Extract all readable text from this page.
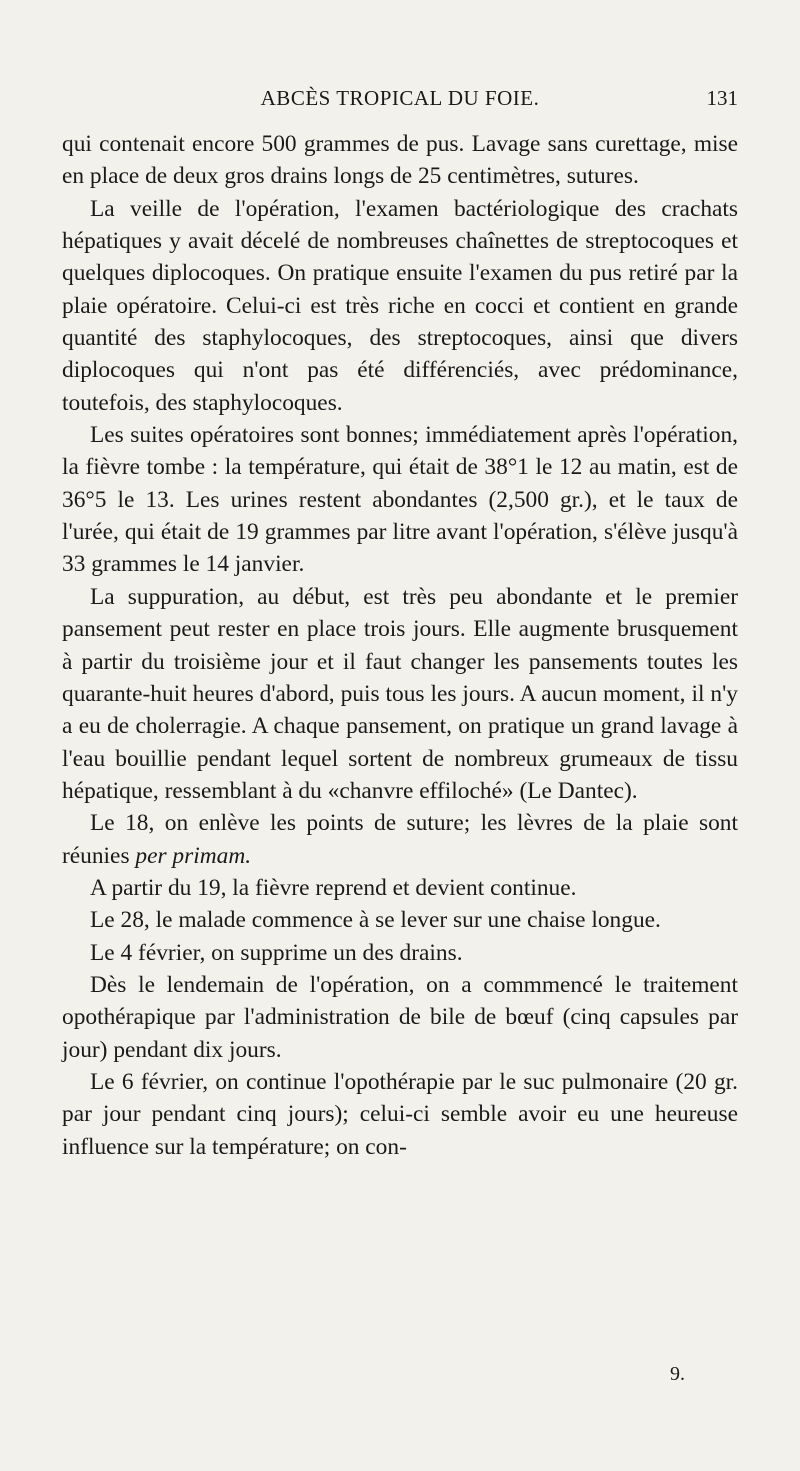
ABCÈS TROPICAL DU FOIE.	131

qui contenait encore 500 grammes de pus. Lavage sans curettage, mise en place de deux gros drains longs de 25 centimètres, sutures.

La veille de l'opération, l'examen bactériologique des crachats hépatiques y avait décelé de nombreuses chaînettes de streptocoques et quelques diplocoques. On pratique ensuite l'examen du pus retiré par la plaie opératoire. Celui-ci est très riche en cocci et contient en grande quantité des staphylocoques, des streptocoques, ainsi que divers diplocoques qui n'ont pas été différenciés, avec prédominance, toutefois, des staphylocoques.

Les suites opératoires sont bonnes; immédiatement après l'opération, la fièvre tombe : la température, qui était de 38°1 le 12 au matin, est de 36°5 le 13. Les urines restent abondantes (2,500 gr.), et le taux de l'urée, qui était de 19 grammes par litre avant l'opération, s'élève jusqu'à 33 grammes le 14 janvier.

La suppuration, au début, est très peu abondante et le premier pansement peut rester en place trois jours. Elle augmente brusquement à partir du troisième jour et il faut changer les pansements toutes les quarante-huit heures d'abord, puis tous les jours. A aucun moment, il n'y a eu de cholerragie. A chaque pansement, on pratique un grand lavage à l'eau bouillie pendant lequel sortent de nombreux grumeaux de tissu hépatique, ressemblant à du «chanvre effiloché» (Le Dantec).

Le 18, on enlève les points de suture; les lèvres de la plaie sont réunies per primam.

A partir du 19, la fièvre reprend et devient continue.

Le 28, le malade commence à se lever sur une chaise longue.

Le 4 février, on supprime un des drains.

Dès le lendemain de l'opération, on a commmencé le traitement opothérapique par l'administration de bile de bœuf (cinq capsules par jour) pendant dix jours.

Le 6 février, on continue l'opothérapie par le suc pulmonaire (20 gr. par jour pendant cinq jours); celui-ci semble avoir eu une heureuse influence sur la température; on con-

9.
